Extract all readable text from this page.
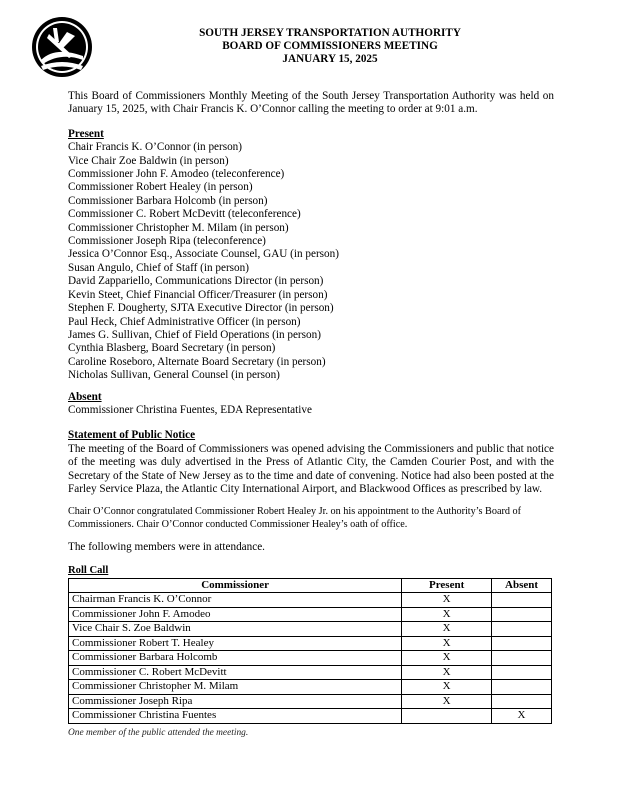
SOUTH JERSEY TRANSPORTATION AUTHORITY
BOARD OF COMMISSIONERS MEETING
JANUARY 15, 2025

This Board of Commissioners Monthly Meeting of the South Jersey Transportation Authority was held on January 15, 2025, with Chair Francis K. O’Connor calling the meeting to order at 9:01 a.m.

Present
Chair Francis K. O’Connor (in person)
Vice Chair Zoe Baldwin (in person)
Commissioner John F. Amodeo (teleconference)
Commissioner Robert Healey (in person)
Commissioner Barbara Holcomb (in person)
Commissioner C. Robert McDevitt (teleconference)
Commissioner Christopher M. Milam (in person)
Commissioner Joseph Ripa (teleconference)
Jessica O’Connor Esq., Associate Counsel, GAU (in person)
Susan Angulo, Chief of Staff (in person)
David Zappariello, Communications Director (in person)
Kevin Steet, Chief Financial Officer/Treasurer (in person)
Stephen F. Dougherty, SJTA Executive Director (in person)
Paul Heck, Chief Administrative Officer (in person)
James G. Sullivan, Chief of Field Operations (in person)
Cynthia Blasberg, Board Secretary (in person)
Caroline Roseboro, Alternate Board Secretary (in person)
Nicholas Sullivan, General Counsel (in person)
Absent
Commissioner Christina Fuentes, EDA Representative
Statement of Public Notice

The meeting of the Board of Commissioners was opened advising the Commissioners and public that notice of the meeting was duly advertised in the Press of Atlantic City, the Camden Courier Post, and with the Secretary of the State of New Jersey as to the time and date of convening. Notice had also been posted at the Farley Service Plaza, the Atlantic City International Airport, and Blackwood Offices as prescribed by law.

Chair O’Connor congratulated Commissioner Robert Healey Jr. on his appointment to the Authority’s Board of Commissioners. Chair O’Connor conducted Commissioner Healey’s oath of office.

The following members were in attendance.

Roll Call
Commissioner	Present	Absent
Chairman Francis K. O’Connor	X	
Commissioner John F. Amodeo	X	
Vice Chair S. Zoe Baldwin	X	
Commissioner Robert T. Healey	X	
Commissioner Barbara Holcomb	X	
Commissioner C. Robert McDevitt	X	
Commissioner Christopher M. Milam	X	
Commissioner Joseph Ripa	X	
Commissioner Christina Fuentes		X
One member of the public attended the meeting.
